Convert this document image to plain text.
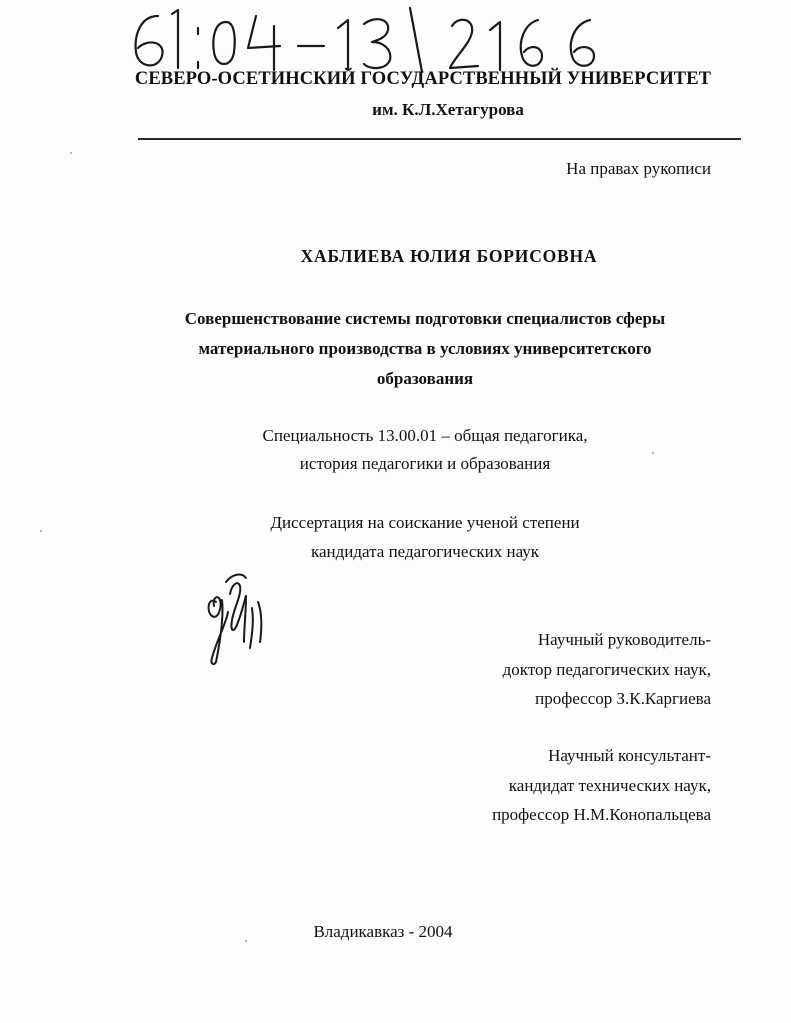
СЕВЕРО-ОСЕТИНСКИЙ ГОСУДАРСТВЕННЫЙ УНИВЕРСИТЕТ
им. К.Л.Хетагурова
На правах рукописи
ХАБЛИЕВА ЮЛИЯ БОРИСОВНА
Совершенствование системы подготовки специалистов сферы
материального производства в условиях университетского
образования
Специальность 13.00.01 – общая педагогика,
история педагогики и образования
Диссертация на соискание ученой степени
кандидата педагогических наук
Научный руководитель-
доктор педагогических наук,
профессор З.К.Каргиева
Научный консультант-
кандидат технических наук,
профессор Н.М.Конопальцева
Владикавказ - 2004
